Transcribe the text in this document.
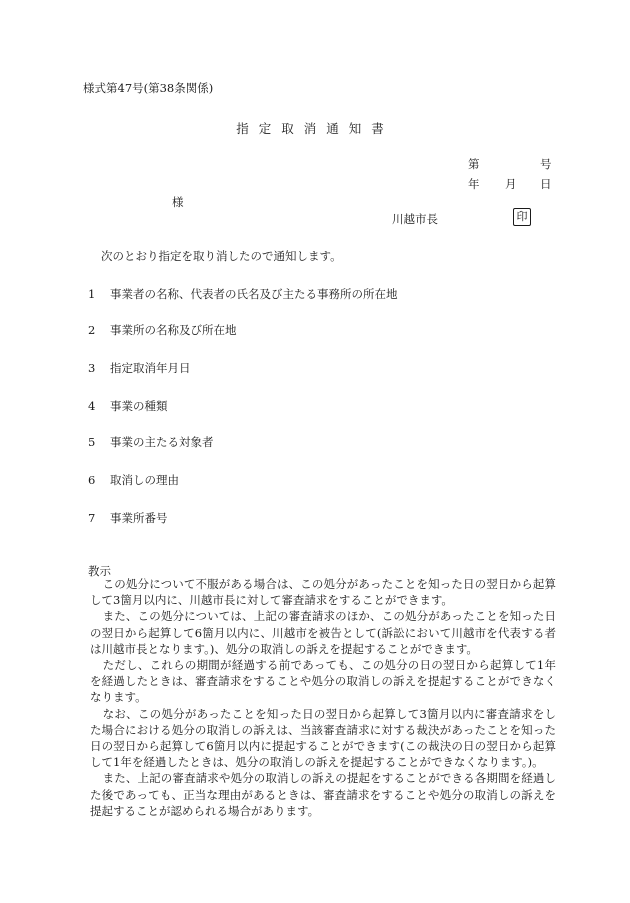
様式第47号(第38条関係)
指定取消通知書
第	号
年 月 日
様
川越市長	印
次のとおり指定を取り消したので通知します。
1 事業者の名称、代表者の氏名及び主たる事務所の所在地
2 事業所の名称及び所在地
3 指定取消年月日
4 事業の種類
5 事業の主たる対象者
6 取消しの理由
7 事業所番号
教示

この処分について不服がある場合は、この処分があったことを知った日の翌日から起算して3箇月以内に、川越市長に対して審査請求をすることができます。

また、この処分については、上記の審査請求のほか、この処分があったことを知った日の翌日から起算して6箇月以内に、川越市を被告として(訴訟において川越市を代表する者は川越市長となります。)、処分の取消しの訴えを提起することができます。

ただし、これらの期間が経過する前であっても、この処分の日の翌日から起算して1年を経過したときは、審査請求をすることや処分の取消しの訴えを提起することができなくなります。

なお、この処分があったことを知った日の翌日から起算して3箇月以内に審査請求をした場合における処分の取消しの訴えは、当該審査請求に対する裁決があったことを知った日の翌日から起算して6箇月以内に提起することができます(この裁決の日の翌日から起算して1年を経過したときは、処分の取消しの訴えを提起することができなくなります。)。

また、上記の審査請求や処分の取消しの訴えの提起をすることができる各期間を経過した後であっても、正当な理由があるときは、審査請求をすることや処分の取消しの訴えを提起することが認められる場合があります。
